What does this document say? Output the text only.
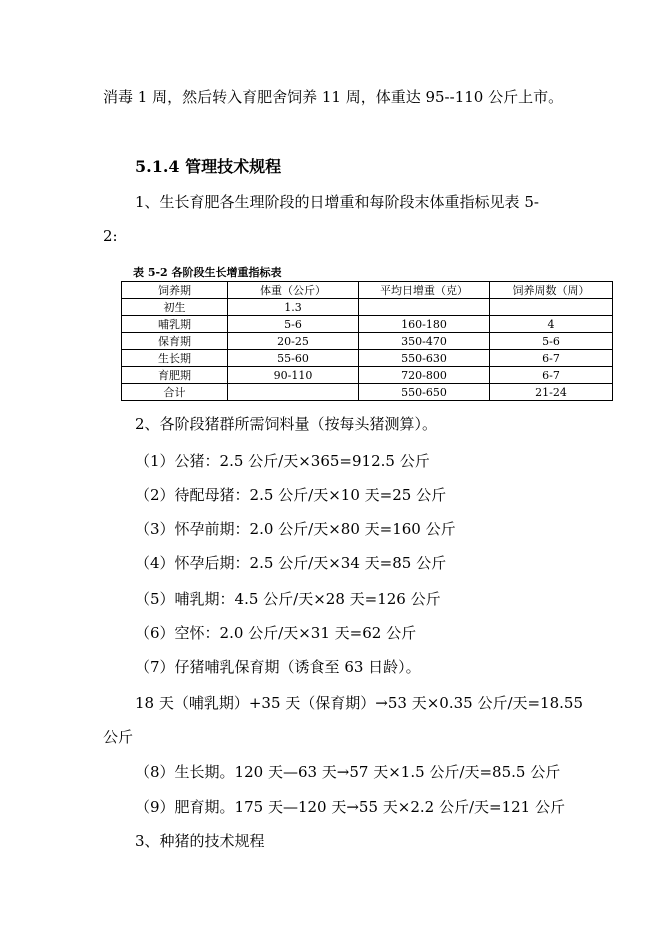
消毒 1 周，然后转入育肥舍饲养 11 周，体重达 95--110 公斤上市。
5.1.4 管理技术规程
1、生长育肥各生理阶段的日增重和每阶段末体重指标见表 5-
2:
表 5-2 各阶段生长增重指标表
饲养期	体重（公斤）	平均日增重（克）	饲养周数（周）
初生	1.3		
哺乳期	5-6	160-180	4
保育期	20-25	350-470	5-6
生长期	55-60	550-630	6-7
育肥期	90-110	720-800	6-7
合计		550-650	21-24
2、各阶段猪群所需饲料量（按每头猪测算）。
（1）公猪：2.5 公斤/天×365=912.5 公斤
（2）待配母猪：2.5 公斤/天×10 天=25 公斤
（3）怀孕前期：2.0 公斤/天×80 天=160 公斤
（4）怀孕后期：2.5 公斤/天×34 天=85 公斤
（5）哺乳期：4.5 公斤/天×28 天=126 公斤
（6）空怀：2.0 公斤/天×31 天=62 公斤
（7）仔猪哺乳保育期（诱食至 63 日龄）。
18 天（哺乳期）+35 天（保育期）→53 天×0.35 公斤/天=18.55
公斤
（8）生长期。120 天—63 天→57 天×1.5 公斤/天=85.5 公斤
（9）肥育期。175 天—120 天→55 天×2.2 公斤/天=121 公斤
3、种猪的技术规程
